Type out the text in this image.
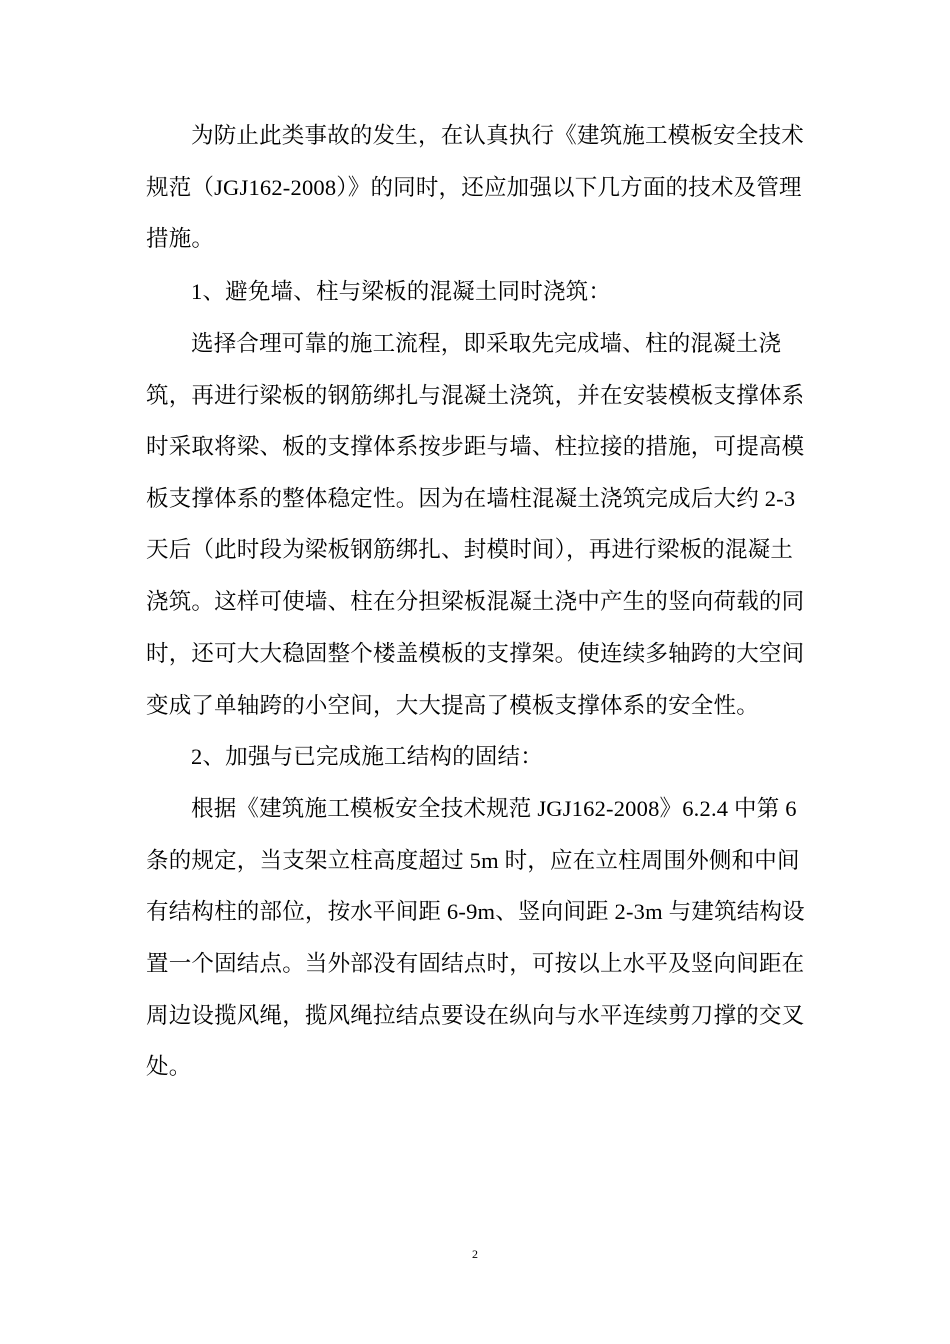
为防止此类事故的发生，在认真执行《建筑施工模板安全技术
规范（JGJ162-2008）》的同时，还应加强以下几方面的技术及管理
措施。
1、避免墙、柱与梁板的混凝土同时浇筑：
选择合理可靠的施工流程，即采取先完成墙、柱的混凝土浇
筑，再进行梁板的钢筋绑扎与混凝土浇筑，并在安装模板支撑体系
时采取将梁、板的支撑体系按步距与墙、柱拉接的措施，可提高模
板支撑体系的整体稳定性。因为在墙柱混凝土浇筑完成后大约 2-3
天后（此时段为梁板钢筋绑扎、封模时间），再进行梁板的混凝土
浇筑。这样可使墙、柱在分担梁板混凝土浇中产生的竖向荷载的同
时，还可大大稳固整个楼盖模板的支撑架。使连续多轴跨的大空间
变成了单轴跨的小空间，大大提高了模板支撑体系的安全性。
2、加强与已完成施工结构的固结：
根据《建筑施工模板安全技术规范 JGJ162-2008》6.2.4 中第 6
条的规定，当支架立柱高度超过 5m 时，应在立柱周围外侧和中间
有结构柱的部位，按水平间距 6-9m、竖向间距 2-3m 与建筑结构设
置一个固结点。当外部没有固结点时，可按以上水平及竖向间距在
周边设揽风绳，揽风绳拉结点要设在纵向与水平连续剪刀撑的交叉
处。
2
